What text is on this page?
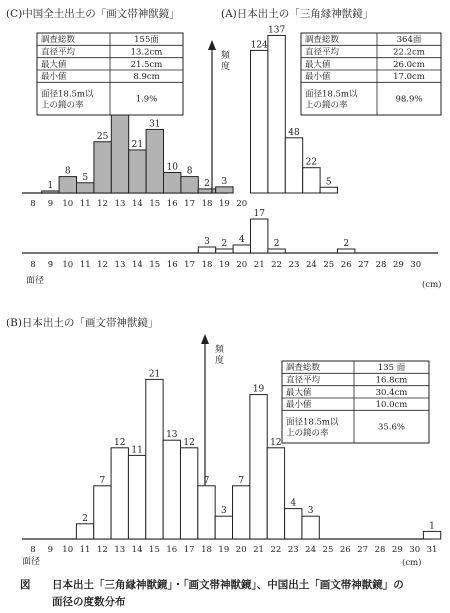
(C)中国全土出土の「画文帯神獣鏡」
1
8
5
25
21
31
10 8
2 3
8 9 10 11 12 13 14 15 16 17 18 19 20
調査総数	155面
直径平均	13.2cm
最大値	21.5cm
最小値	8.9cm
面径18.5m以
上の鏡の率
1.9%
(A)日本出土の「三角縁神獣鏡」
頻
度
124
137
48
22
5
3 2 4
17
2	2
8 9 10 11 12 13 14 15 16 17 18 19 20 21 22 23 24 25 26 27 28 29 30
調査総数	364面
直径平均	22.2cm
最大値	26.0cm
最小値	17.0cm
面径18.5m以
上の鏡の率
98.9%
面径	(cm)
(B)日本出土の「画文帯神獣鏡」
頻
度
2
7
12
11
21
13
12
7
3
7
19
12
4
3
1
8 9 10 11 12 13 14 15 16 17 18 19 20 21 22 23 24 25 26 27 28 29 30 31
調査総数	135 面
直径平均	16.8cm
最大値	30.4cm
最小値	10.0cm
面径18.5m以
上の鏡の率
35.6%
面径	(cm)
図 日本出土「三角縁神獣鏡」・「画文帯神獣鏡」、中国出土「画文帯神獣鏡」の
面径の度数分布
